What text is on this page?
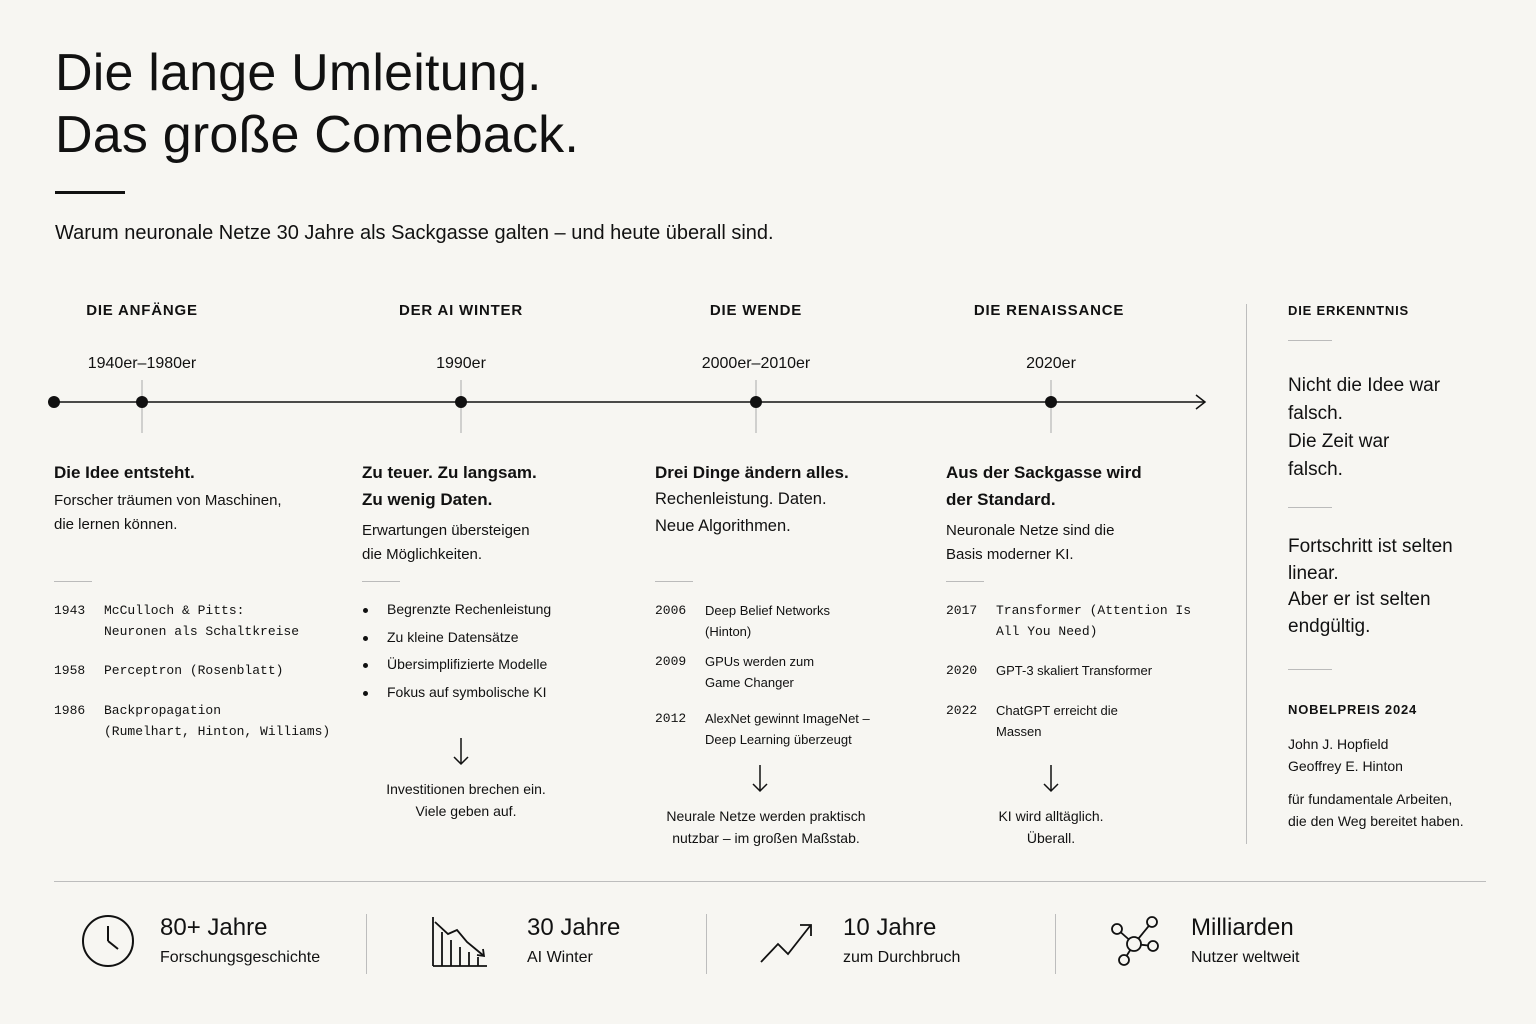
Die lange Umleitung.
Das große Comeback.
Warum neuronale Netze 30 Jahre als Sackgasse galten – und heute überall sind.
DIE ANFÄNGE	DER AI WINTER	DIE WENDE	DIE RENAISSANCE
1940er–1980er	1990er	2000er–2010er	2020er
Die Idee entsteht.
Forscher träumen von Maschinen,
die lernen können.
1943	McCulloch & Pitts:
Neuronen als Schaltkreise
1958	Perceptron (Rosenblatt)
1986	Backpropagation
(Rumelhart, Hinton, Williams)
Zu teuer. Zu langsam.
Zu wenig Daten.
Erwartungen übersteigen
die Möglichkeiten.
Begrenzte Rechenleistung
Zu kleine Datensätze
Übersimplifizierte Modelle
Fokus auf symbolische KI
Investitionen brechen ein.
Viele geben auf.
Drei Dinge ändern alles.
Rechenleistung. Daten.
Neue Algorithmen.
2006	Deep Belief Networks
(Hinton)
2009	GPUs werden zum
Game Changer
2012	AlexNet gewinnt ImageNet –
Deep Learning überzeugt
Neurale Netze werden praktisch
nutzbar – im großen Maßstab.
Aus der Sackgasse wird
der Standard.
Neuronale Netze sind die
Basis moderner KI.
2017	Transformer (Attention Is
All You Need)
2020	GPT-3 skaliert Transformer
2022	ChatGPT erreicht die
Massen
KI wird alltäglich.
Überall.
DIE ERKENNTNIS
Nicht die Idee war
falsch.
Die Zeit war
falsch.
Fortschritt ist selten
linear.
Aber er ist selten
endgültig.
NOBELPREIS 2024
John J. Hopfield
Geoffrey E. Hinton
für fundamentale Arbeiten,
die den Weg bereitet haben.
80+ Jahre
Forschungsgeschichte
30 Jahre
AI Winter
10 Jahre
zum Durchbruch
Milliarden
Nutzer weltweit
